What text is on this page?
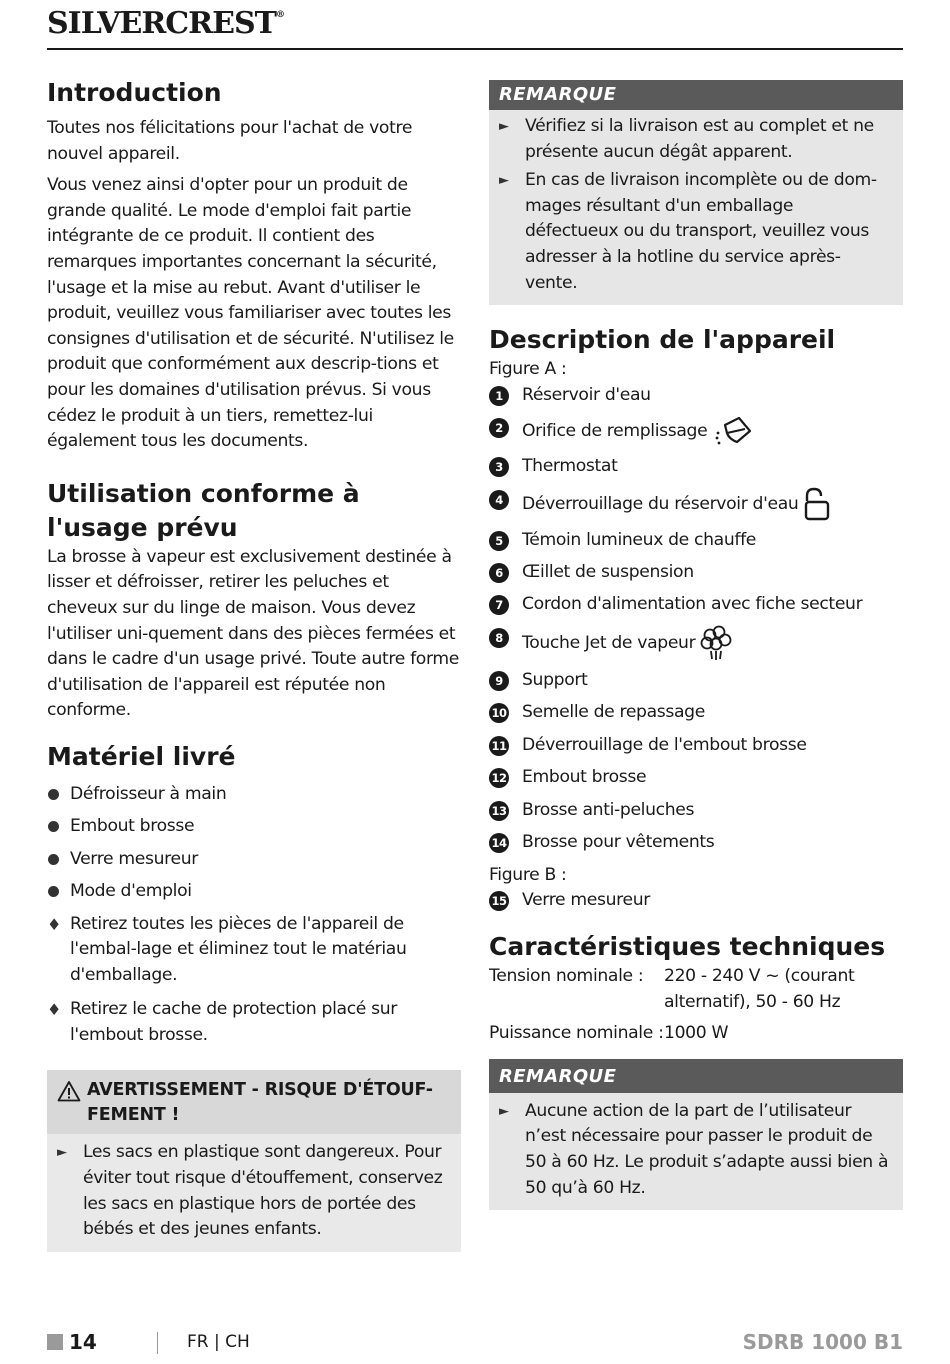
SILVERCREST®
Introduction

Toutes nos félicitations pour l'achat de votre nouvel appareil.

Vous venez ainsi d'opter pour un produit de grande qualité. Le mode d'emploi fait partie intégrante de ce produit. Il contient des remarques importantes concernant la sécurité, l'usage et la mise au rebut. Avant d'utiliser le produit, veuillez vous familiariser avec toutes les consignes d'utilisation et de sécurité. N'utilisez le produit que conformément aux descrip-tions et pour les domaines d'utilisation prévus. Si vous cédez le produit à un tiers, remettez-lui également tous les documents.

Utilisation conforme à l'usage prévu

La brosse à vapeur est exclusivement destinée à lisser et défroisser, retirer les peluches et cheveux sur du linge de maison. Vous devez l'utiliser uni-quement dans des pièces fermées et dans le cadre d'un usage privé. Toute autre forme d'utilisation de l'appareil est réputée non conforme.

Matériel livré
Défroisseur à main
Embout brosse
Verre mesureur
Mode d'emploi
♦ Retirez toutes les pièces de l'appareil de l'embal-lage et éliminez tout le matériau d'emballage.
♦ Retirez le cache de protection placé sur l'embout brosse.
AVERTISSEMENT - RISQUE D'ÉTOUF-FEMENT !
► Les sacs en plastique sont dangereux. Pour éviter tout risque d'étouffement, conservez les sacs en plastique hors de portée des bébés et des jeunes enfants.
REMARQUE
► Vérifiez si la livraison est au complet et ne présente aucun dégât apparent.
► En cas de livraison incomplète ou de dom-mages résultant d'un emballage défectueux ou du transport, veuillez vous adresser à la hotline du service après-vente.
Description de l'appareil
Figure A :
1	Réservoir d'eau
2	Orifice de remplissage
3	Thermostat
4	Déverrouillage du réservoir d'eau
5	Témoin lumineux de chauffe
6	Œillet de suspension
7	Cordon d'alimentation avec fiche secteur
8	Touche Jet de vapeur
9	Support
10 Semelle de repassage
11 Déverrouillage de l'embout brosse
12 Embout brosse
13 Brosse anti-peluches
14 Brosse pour vêtements
Figure B :
15 Verre mesureur
Caractéristiques techniques
Tension nominale :	220 - 240 V ~ (courant alternatif), 50 - 60 Hz
Puissance nominale : 1000 W
REMARQUE
► Aucune action de la part de l’utilisateur n’est nécessaire pour passer le produit de 50 à 60 Hz. Le produit s’adapte aussi bien à 50 qu’à 60 Hz.
14	FR | CH	SDRB 1000 B1
